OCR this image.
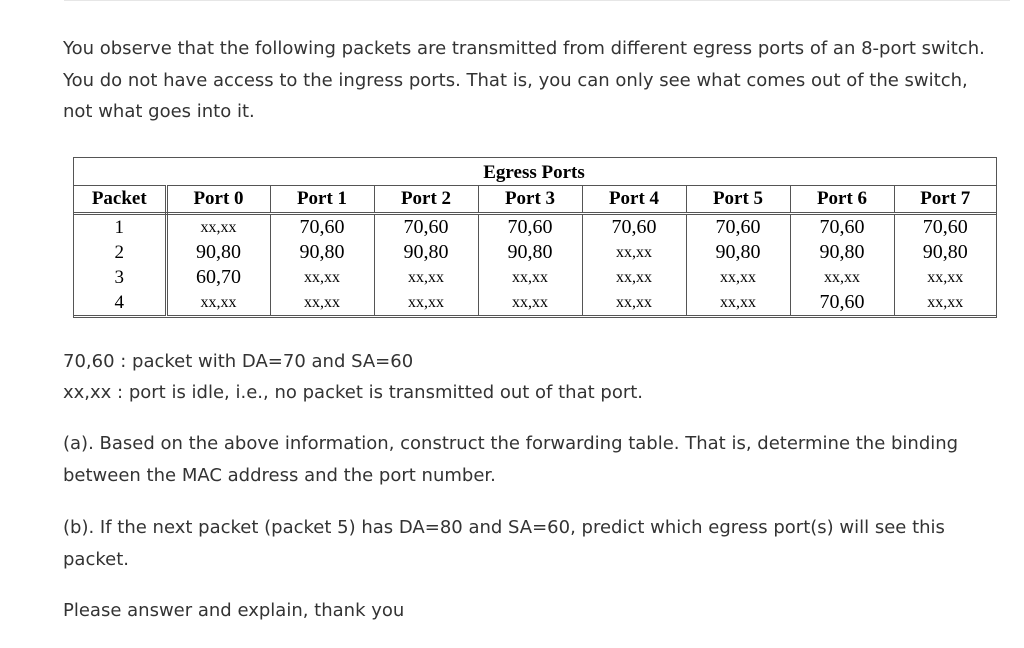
You observe that the following packets are transmitted from different egress ports of an 8-port switch.
You do not have access to the ingress ports. That is, you can only see what comes out of the switch,
not what goes into it.

Egress Ports
Packet	Port 0	Port 1	Port 2	Port 3	Port 4	Port 5	Port 6	Port 7
1	xx,xx	70,60	70,60	70,60	70,60	70,60	70,60	70,60
2	90,80	90,80	90,80	90,80	xx,xx	90,80	90,80	90,80
3	60,70	xx,xx	xx,xx	xx,xx	xx,xx	xx,xx	xx,xx	xx,xx
4	xx,xx	xx,xx	xx,xx	xx,xx	xx,xx	xx,xx	70,60	xx,xx
70,60 : packet with DA=70 and SA=60
xx,xx : port is idle, i.e., no packet is transmitted out of that port.
(a). Based on the above information, construct the forwarding table. That is, determine the binding
between the MAC address and the port number.
(b). If the next packet (packet 5) has DA=80 and SA=60, predict which egress port(s) will see this
packet.
Please answer and explain, thank you
